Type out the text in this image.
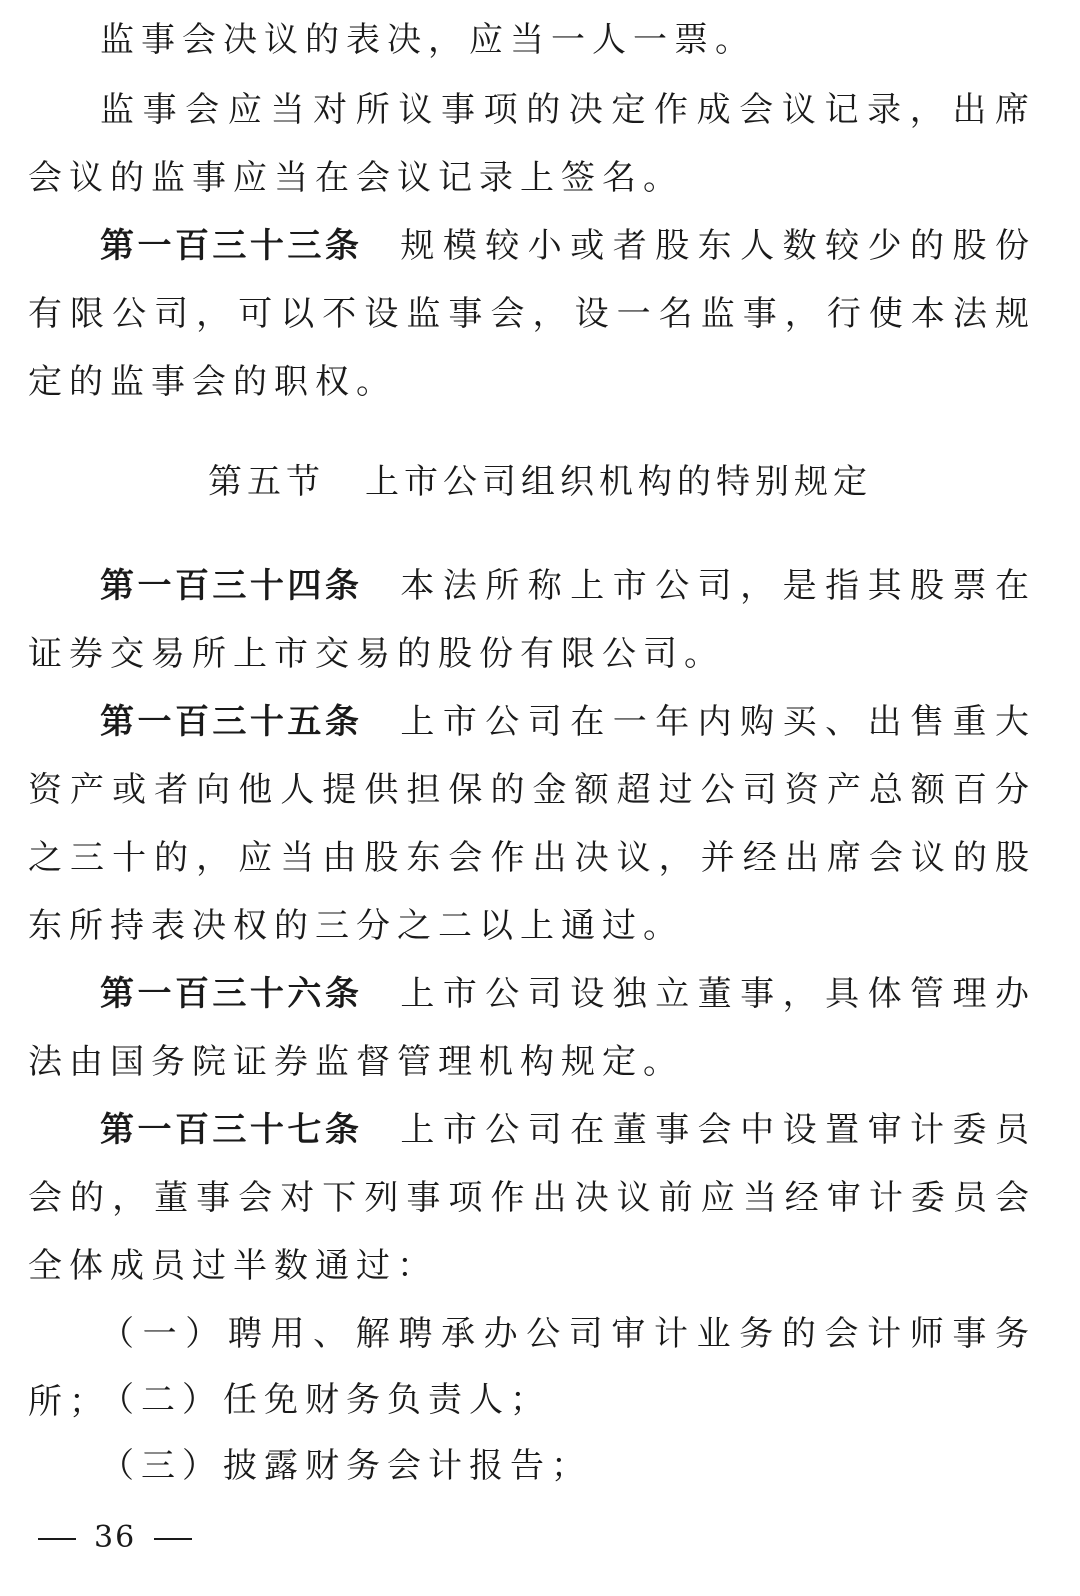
监事会决议的表决，应当一人一票。

监事会应当对所议事项的决定作成会议记录，出席会议的监事应当在会议记录上签名。

第一百三十三条 规模较小或者股东人数较少的股份有限公司，可以不设监事会，设一名监事，行使本法规定的监事会的职权。

第五节 上市公司组织机构的特别规定

第一百三十四条 本法所称上市公司，是指其股票在证券交易所上市交易的股份有限公司。

第一百三十五条 上市公司在一年内购买、出售重大资产或者向他人提供担保的金额超过公司资产总额百分之三十的，应当由股东会作出决议，并经出席会议的股东所持表决权的三分之二以上通过。

第一百三十六条 上市公司设独立董事，具体管理办法由国务院证券监督管理机构规定。

第一百三十七条 上市公司在董事会中设置审计委员会的，董事会对下列事项作出决议前应当经审计委员会全体成员过半数通过：

（一）聘用、解聘承办公司审计业务的会计师事务所；

（二）任免财务负责人；

（三）披露财务会计报告；

36
